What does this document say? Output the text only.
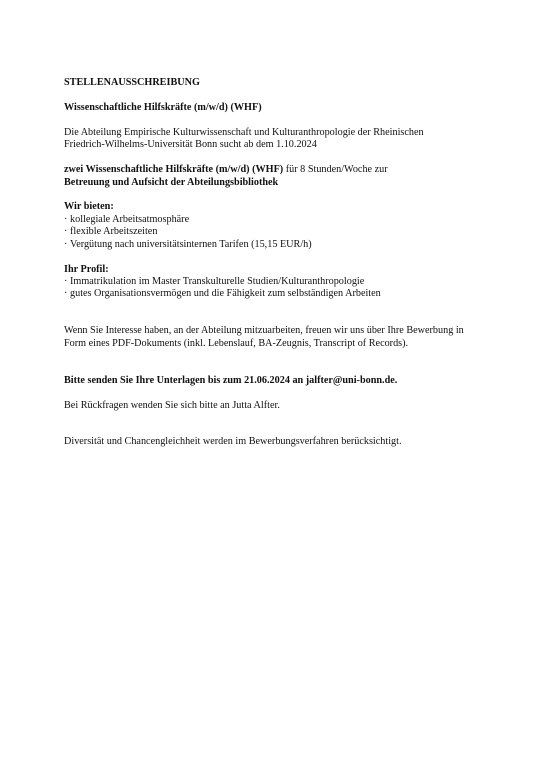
STELLENAUSSCHREIBUNG

Wissenschaftliche Hilfskräfte (m/w/d) (WHF)

Die Abteilung Empirische Kulturwissenschaft und Kulturanthropologie der Rheinischen

Friedrich-Wilhelms-Universität Bonn sucht ab dem 1.10.2024

zwei Wissenschaftliche Hilfskräfte (m/w/d) (WHF) für 8 Stunden/Woche zur

Betreuung und Aufsicht der Abteilungsbibliothek

Wir bieten:

· kollegiale Arbeitsatmosphäre
· flexible Arbeitszeiten
· Vergütung nach universitätsinternen Tarifen (15,15 EUR/h)

Ihr Profil:

· Immatrikulation im Master Transkulturelle Studien/Kulturanthropologie
· gutes Organisationsvermögen und die Fähigkeit zum selbständigen Arbeiten

Wenn Sie Interesse haben, an der Abteilung mitzuarbeiten, freuen wir uns über Ihre Bewerbung in

Form eines PDF-Dokuments (inkl. Lebenslauf, BA-Zeugnis, Transcript of Records).

Bitte senden Sie Ihre Unterlagen bis zum 21.06.2024 an jalfter@uni-bonn.de.

Bei Rückfragen wenden Sie sich bitte an Jutta Alfter.

Diversität und Chancengleichheit werden im Bewerbungsverfahren berücksichtigt.
